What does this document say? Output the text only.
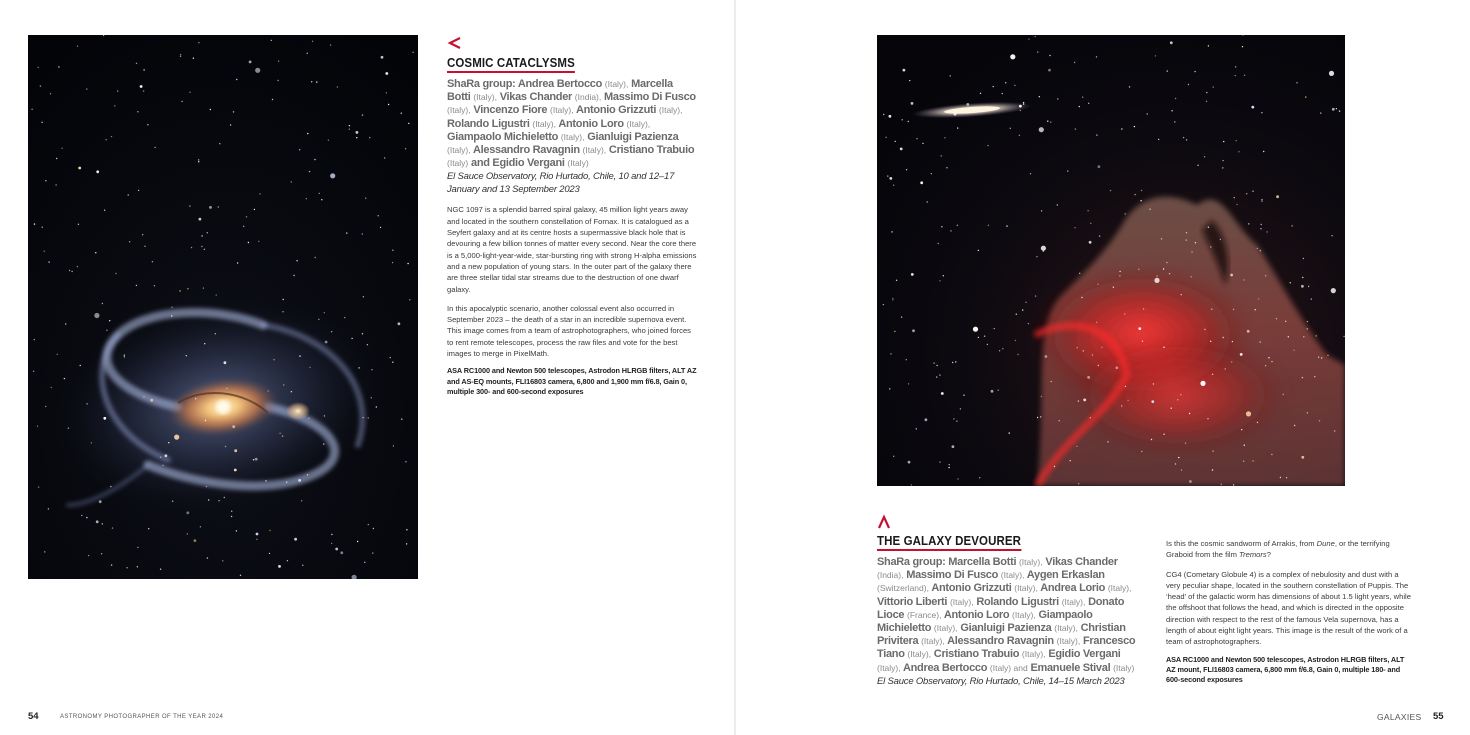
COSMIC CATACLYSMS
ShaRa group: Andrea Bertocco (Italy), Marcella Botti (Italy), Vikas Chander (India), Massimo Di Fusco (Italy), Vincenzo Fiore (Italy), Antonio Grizzuti (Italy), Rolando Ligustri (Italy), Antonio Loro (Italy), Giampaolo Michieletto (Italy), Gianluigi Pazienza (Italy), Alessandro Ravagnin (Italy), Cristiano Trabuio (Italy) and Egidio Vergani (Italy)
El Sauce Observatory, Rio Hurtado, Chile, 10 and 12–17 January and 13 September 2023

NGC 1097 is a splendid barred spiral galaxy, 45 million light years away and located in the southern constellation of Fornax. It is catalogued as a Seyfert galaxy and at its centre hosts a supermassive black hole that is devouring a few billion tonnes of matter every second. Near the core there is a 5,000-light-year-wide, star-bursting ring with strong H-alpha emissions and a new population of young stars. In the outer part of the galaxy there are three stellar tidal star streams due to the destruction of one dwarf galaxy.

In this apocalyptic scenario, another colossal event also occurred in September 2023 – the death of a star in an incredible supernova event. This image comes from a team of astrophotographers, who joined forces to rent remote telescopes, process the raw files and vote for the best images to merge in PixelMath.

ASA RC1000 and Newton 500 telescopes, Astrodon HLRGB filters, ALT AZ and AS-EQ mounts, FLI16803 camera, 6,800 and 1,900 mm f/6.8, Gain 0, multiple 300- and 600-second exposures
THE GALAXY DEVOURER
ShaRa group: Marcella Botti (Italy), Vikas Chander (India), Massimo Di Fusco (Italy), Aygen Erkaslan (Switzerland), Antonio Grizzuti (Italy), Andrea Lorio (Italy), Vittorio Liberti (Italy), Rolando Ligustri (Italy), Donato Lioce (France), Antonio Loro (Italy), Giampaolo Michieletto (Italy), Gianluigi Pazienza (Italy), Christian Privitera (Italy), Alessandro Ravagnin (Italy), Francesco Tiano (Italy), Cristiano Trabuio (Italy), Egidio Vergani (Italy), Andrea Bertocco (Italy) and Emanuele Stival (Italy)
El Sauce Observatory, Rio Hurtado, Chile, 14–15 March 2023

Is this the cosmic sandworm of Arrakis, from Dune, or the terrifying Graboid from the film Tremors?

CG4 (Cometary Globule 4) is a complex of nebulosity and dust with a very peculiar shape, located in the southern constellation of Puppis. The ‘head’ of the galactic worm has dimensions of about 1.5 light years, while the offshoot that follows the head, and which is directed in the opposite direction with respect to the rest of the famous Vela supernova, has a length of about eight light years. This image is the result of the work of a team of astrophotographers.

ASA RC1000 and Newton 500 telescopes, Astrodon HLRGB filters, ALT AZ mount, FLI16803 camera, 6,800 mm f/6.8, Gain 0, multiple 180- and 600-second exposures
54	ASTRONOMY PHOTOGRAPHER OF THE YEAR 2024	GALAXIES 55
